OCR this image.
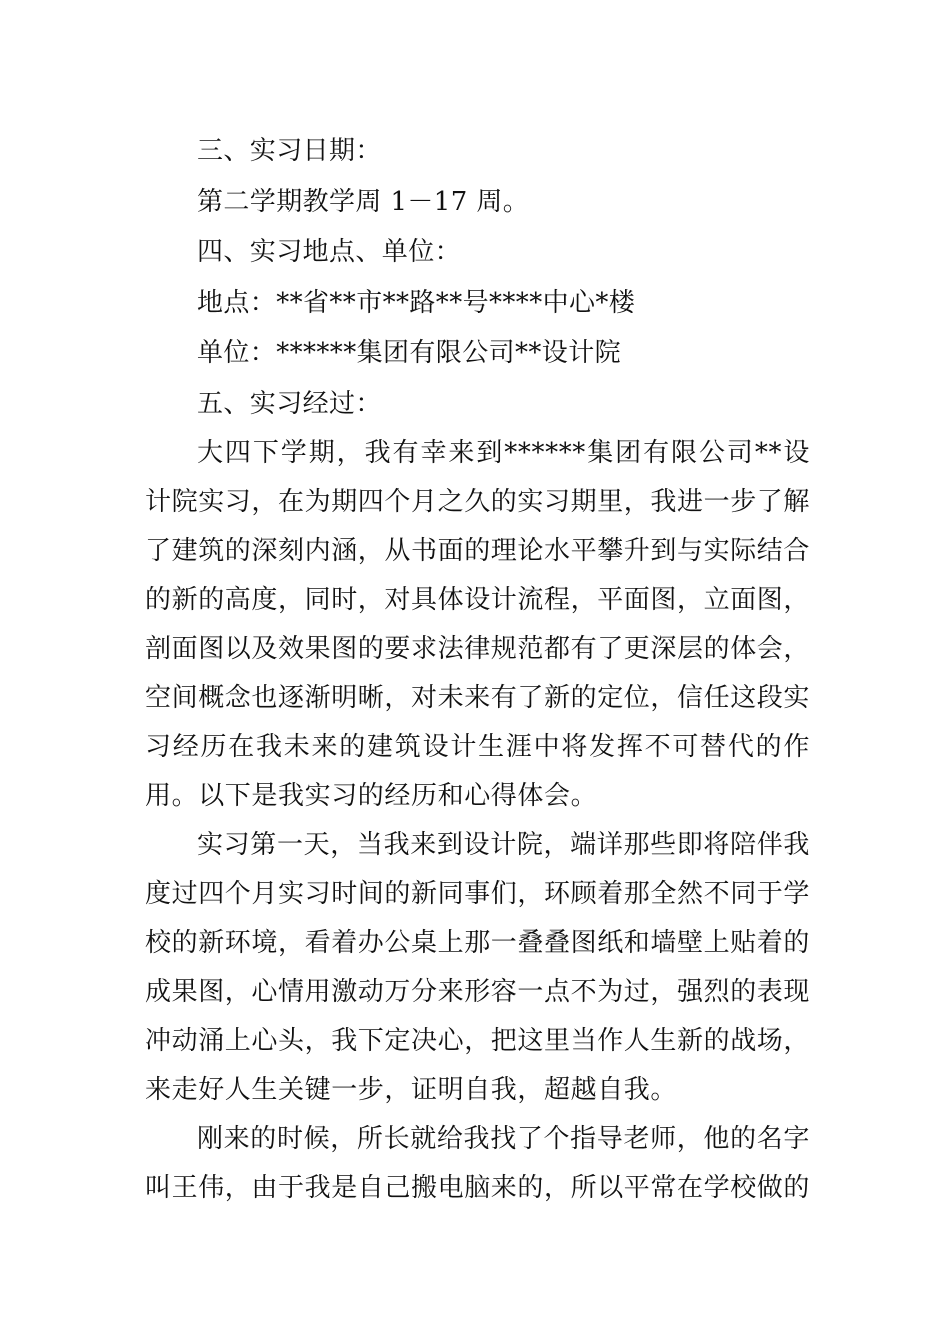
三、实习日期：
第二学期教学周 1－17 周。
四、实习地点、单位：
地点：**省**市**路**号****中心*楼
单位：******集团有限公司**设计院
五、实习经过：

大四下学期，我有幸来到******集团有限公司**设计院实习，在为期四个月之久的实习期里，我进一步了解了建筑的深刻内涵，从书面的理论水平攀升到与实际结合的新的高度，同时，对具体设计流程，平面图，立面图，剖面图以及效果图的要求法律规范都有了更深层的体会，空间概念也逐渐明晰，对未来有了新的定位，信任这段实习经历在我未来的建筑设计生涯中将发挥不可替代的作用。以下是我实习的经历和心得体会。

实习第一天，当我来到设计院，端详那些即将陪伴我度过四个月实习时间的新同事们，环顾着那全然不同于学校的新环境，看着办公桌上那一叠叠图纸和墙壁上贴着的成果图，心情用激动万分来形容一点不为过，强烈的表现冲动涌上心头，我下定决心，把这里当作人生新的战场，来走好人生关键一步，证明自我，超越自我。

刚来的时候，所长就给我找了个指导老师，他的名字叫王伟，由于我是自己搬电脑来的，所以平常在学校做的
